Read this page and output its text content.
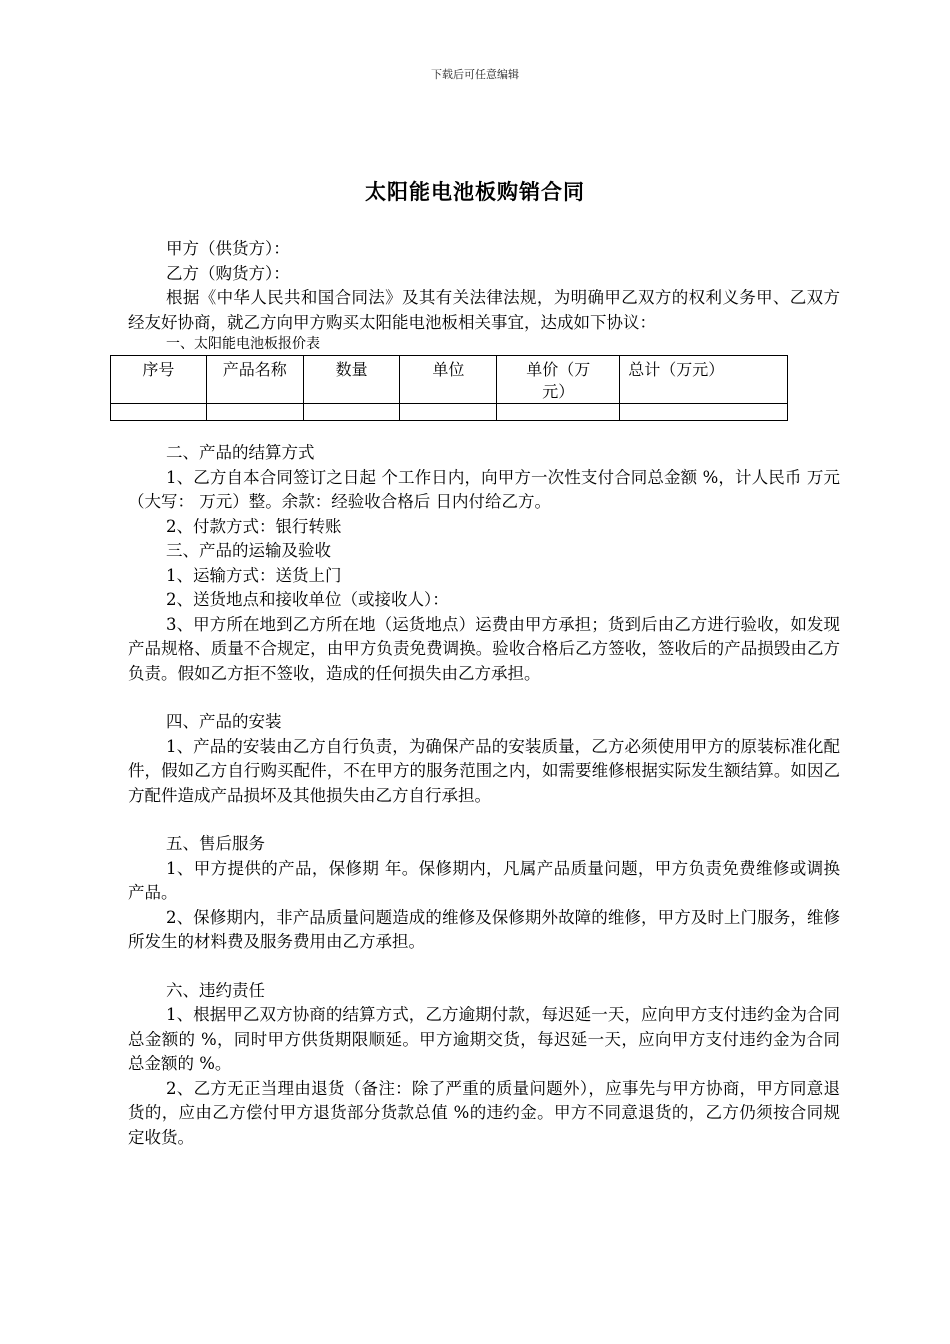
下载后可任意编辑
太阳能电池板购销合同

甲方（供货方）：

乙方（购货方）：

根据《中华人民共和国合同法》及其有关法律法规，为明确甲乙双方的权利义务甲、乙双方经友好协商，就乙方向甲方购买太阳能电池板相关事宜，达成如下协议：

一、太阳能电池板报价表

序号	产品名称	数量	单位	单价（万元）	总计（万元）

二、产品的结算方式

1、乙方自本合同签订之日起 个工作日内，向甲方一次性支付合同总金额 %，计人民币 万元（大写： 万元）整。余款：经验收合格后 日内付给乙方。

2、付款方式：银行转账

三、产品的运输及验收

1、运输方式：送货上门

2、送货地点和接收单位（或接收人）：

3、甲方所在地到乙方所在地（运货地点）运费由甲方承担；货到后由乙方进行验收，如发现产品规格、质量不合规定，由甲方负责免费调换。验收合格后乙方签收，签收后的产品损毁由乙方负责。假如乙方拒不签收，造成的任何损失由乙方承担。

四、产品的安装

1、产品的安装由乙方自行负责，为确保产品的安装质量，乙方必须使用甲方的原装标准化配件，假如乙方自行购买配件，不在甲方的服务范围之内，如需要维修根据实际发生额结算。如因乙方配件造成产品损坏及其他损失由乙方自行承担。

五、售后服务

1、甲方提供的产品，保修期 年。保修期内，凡属产品质量问题，甲方负责免费维修或调换产品。

2、保修期内，非产品质量问题造成的维修及保修期外故障的维修，甲方及时上门服务，维修所发生的材料费及服务费用由乙方承担。

六、违约责任

1、根据甲乙双方协商的结算方式，乙方逾期付款，每迟延一天，应向甲方支付违约金为合同总金额的 %，同时甲方供货期限顺延。甲方逾期交货，每迟延一天，应向甲方支付违约金为合同总金额的 %。

2、乙方无正当理由退货（备注：除了严重的质量问题外），应事先与甲方协商，甲方同意退货的，应由乙方偿付甲方退货部分货款总值 %的违约金。甲方不同意退货的，乙方仍须按合同规定收货。
